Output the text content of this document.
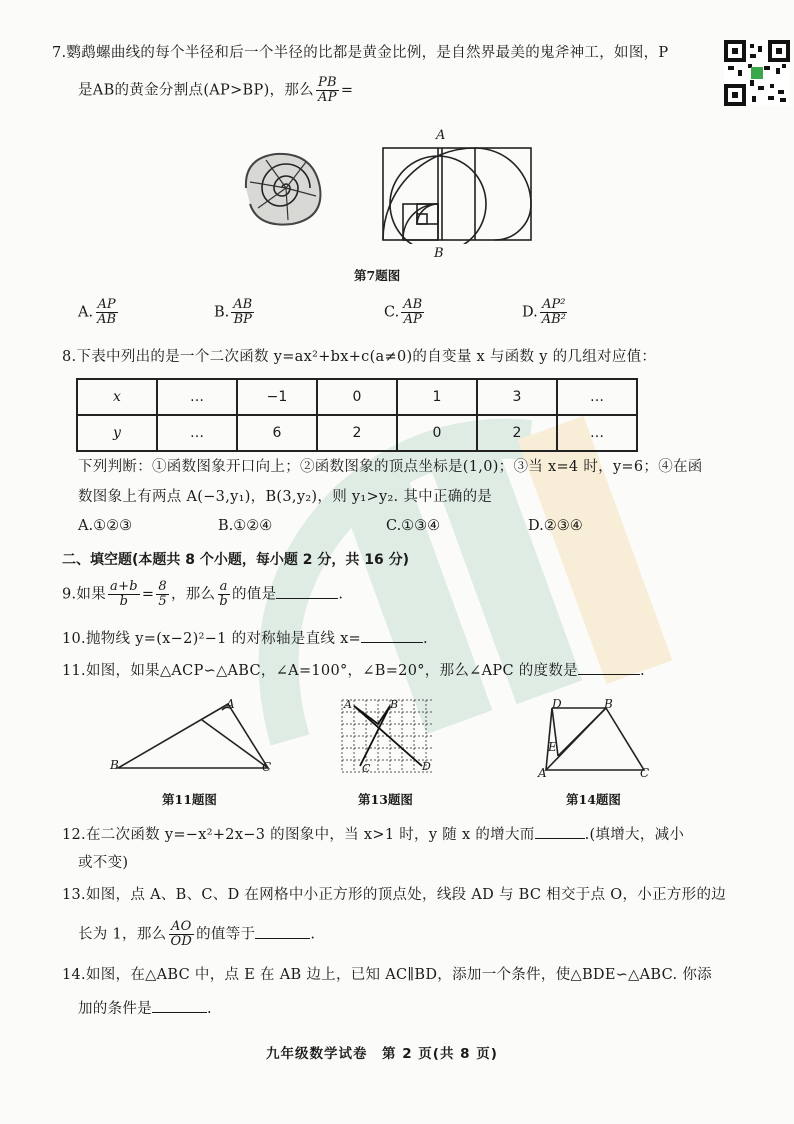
7.鹦鹉螺曲线的每个半径和后一个半径的比都是黄金比例，是自然界最美的鬼斧神工，如图，P
是AB的黄金分割点(AP>BP)，那么 $\frac{PB}{AP}$ =
A
B
第7题图
A. $\frac{AP}{AB}$	B. $\frac{AB}{BP}$	C. $\frac{AB}{AP}$	D. $\frac{\text{AP²}}{\text{AB²}}$
8.下表中列出的是一个二次函数 y=ax²+bx+c(a≠0)的自变量 x 与函数 y 的几组对应值：
x	…	−1	0	1	3	…
y	…	6	2	0	2	…
下列判断：①函数图象开口向上；②函数图象的顶点坐标是(1,0)；③当 x=4 时，y=6；④在函
数图象上有两点 A(−3,y₁)，B(3,y₂)，则 y₁>y₂. 其中正确的是
A.①②③	B.①②④	C.①③④	D.②③④
二、填空题(本题共 8 个小题，每小题 2 分，共 16 分)
9.如果 $\frac{a+b}{b} = \frac{8}{5}$ ，那么 $\frac{a}{b}$ 的值是	.
10.抛物线 y=(x−2)²−1 的对称轴是直线 x=	.
11.如图，如果△ACP∽△ABC，∠A=100°，∠B=20°，那么∠APC 的度数是	.
A
B	C
第11题图
A	B
C	D
第13题图
D	B
E
A	C
第14题图
12.在二次函数 y=−x²+2x−3 的图象中，当 x>1 时，y 随 x 的增大而	.(填增大，减小
或不变)
13.如图，点 A、B、C、D 在网格中小正方形的顶点处，线段 AD 与 BC 相交于点 O，小正方形的边
长为 1，那么 $\frac{AO}{OD}$ 的值等于	.
14.如图，在△ABC 中，点 E 在 AB 边上，已知 AC∥BD，添加一个条件，使△BDE∽△ABC. 你添
加的条件是	.
九年级数学试卷　第 2 页(共 8 页)
